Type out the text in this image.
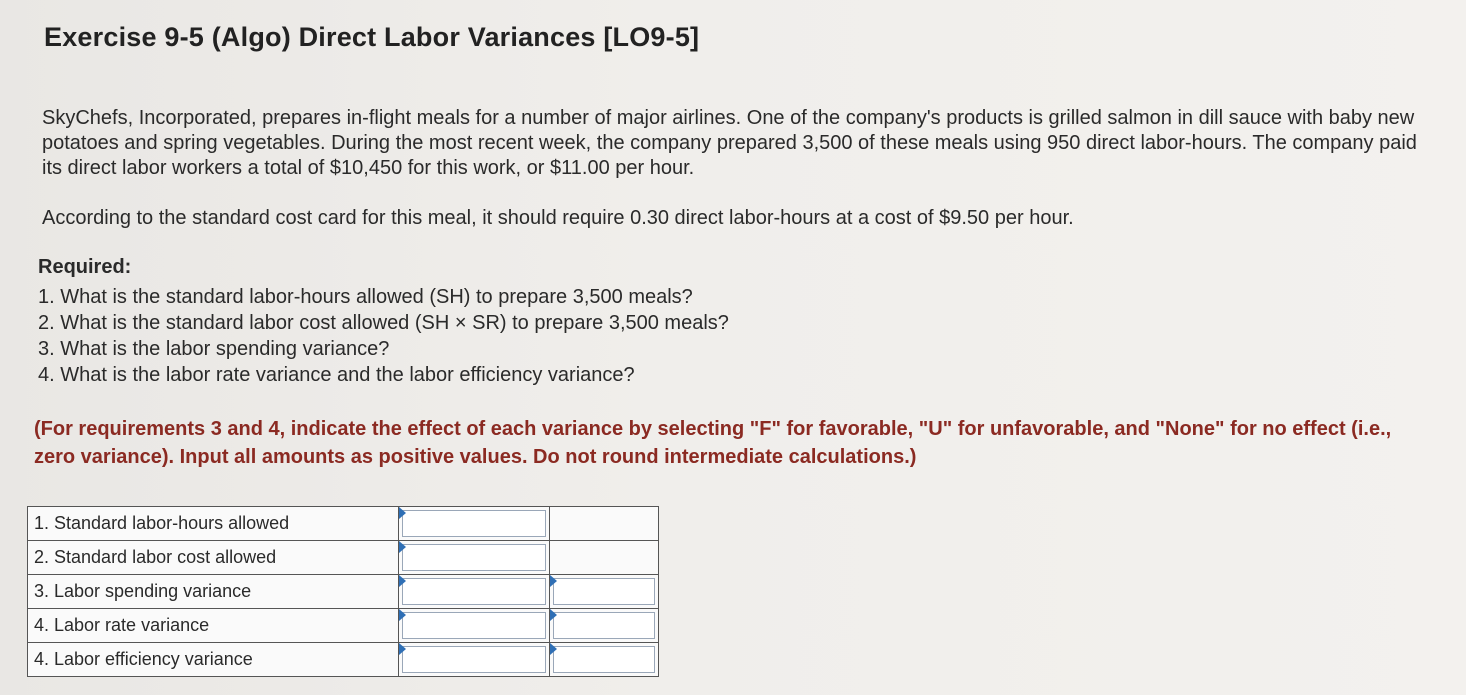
Exercise 9-5 (Algo) Direct Labor Variances [LO9-5]

SkyChefs, Incorporated, prepares in-flight meals for a number of major airlines. One of the company's products is grilled salmon in dill sauce with baby new potatoes and spring vegetables. During the most recent week, the company prepared 3,500 of these meals using 950 direct labor-hours. The company paid its direct labor workers a total of $10,450 for this work, or $11.00 per hour.

According to the standard cost card for this meal, it should require 0.30 direct labor-hours at a cost of $9.50 per hour.

Required:
1. What is the standard labor-hours allowed (SH) to prepare 3,500 meals?
2. What is the standard labor cost allowed (SH × SR) to prepare 3,500 meals?
3. What is the labor spending variance?
4. What is the labor rate variance and the labor efficiency variance?

(For requirements 3 and 4, indicate the effect of each variance by selecting "F" for favorable, "U" for unfavorable, and "None" for no effect (i.e., zero variance). Input all amounts as positive values. Do not round intermediate calculations.)

1. Standard labor-hours allowed	

2. Standard labor cost allowed	

3. Labor spending variance	

4. Labor rate variance	

4. Labor efficiency variance	
